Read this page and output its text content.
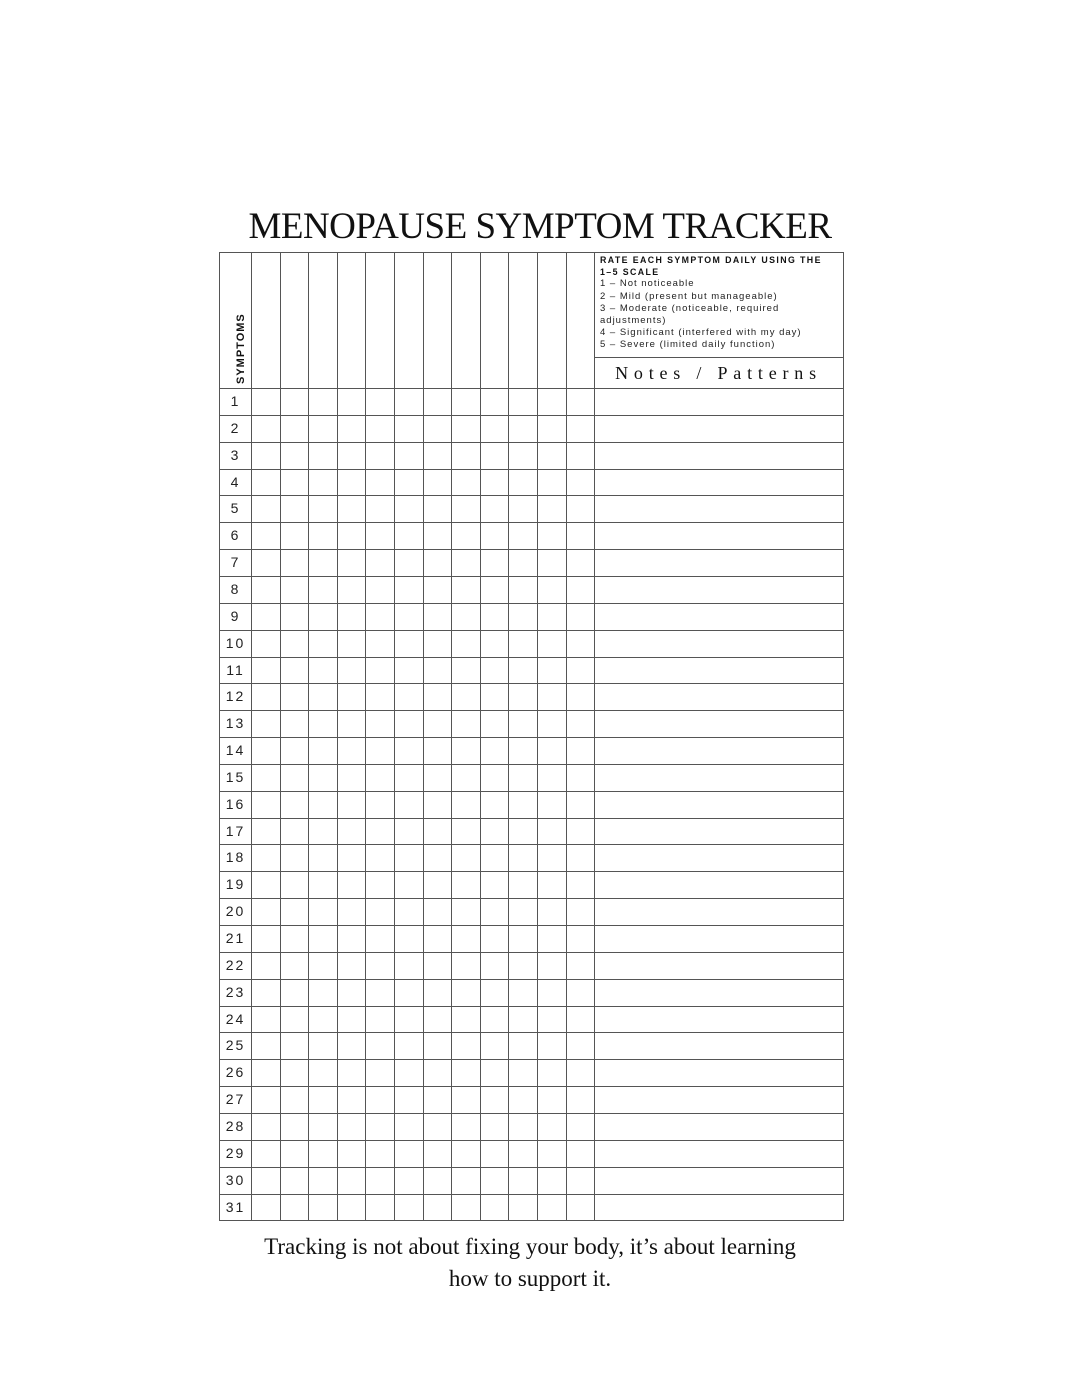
MENOPAUSE SYMPTOM TRACKER
SYMPTOMS
RATE EACH SYMPTOM DAILY USING THE
1–5 SCALE
1 – Not noticeable
2 – Mild (present but manageable)
3 – Moderate (noticeable, required
adjustments)
4 – Significant (interfered with my day)
5 – Severe (limited daily function)
Notes / Patterns
1
2
3
4
5
6
7
8
9
10
11
12
13
14
15
16
17
18
19
20
21
22
23
24
25
26
27
28
29
30
31
Tracking is not about fixing your body, it’s about learning
how to support it.
